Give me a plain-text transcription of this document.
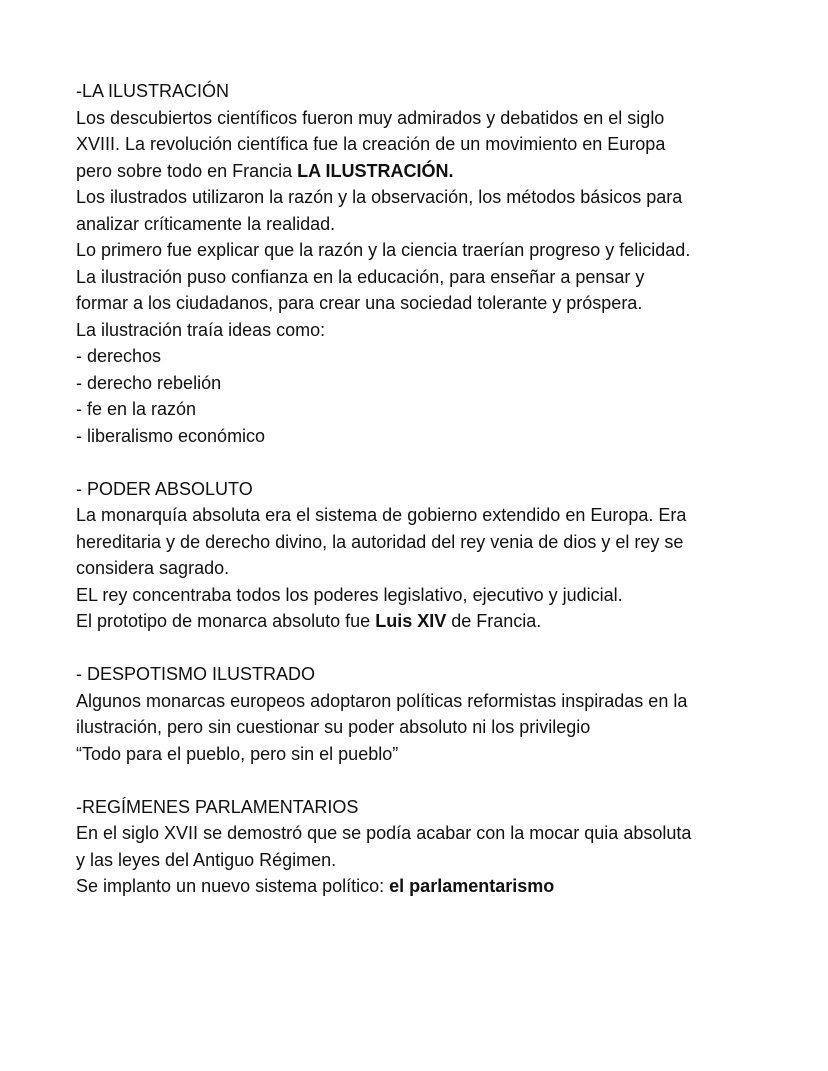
-LA ILUSTRACIÓN
Los descubiertos científicos fueron muy admirados y debatidos en el siglo
XVIII. La revolución científica fue la creación de un movimiento en Europa
pero sobre todo en Francia LA ILUSTRACIÓN.
Los ilustrados utilizaron la razón y la observación, los métodos básicos para
analizar críticamente la realidad.
Lo primero fue explicar que la razón y la ciencia traerían progreso y felicidad.
La ilustración puso confianza en la educación, para enseñar a pensar y
formar a los ciudadanos, para crear una sociedad tolerante y próspera.
La ilustración traía ideas como:
- derechos
- derecho rebelión
- fe en la razón
- liberalismo económico
- PODER ABSOLUTO
La monarquía absoluta era el sistema de gobierno extendido en Europa. Era
hereditaria y de derecho divino, la autoridad del rey venia de dios y el rey se
considera sagrado.
EL rey concentraba todos los poderes legislativo, ejecutivo y judicial.
El prototipo de monarca absoluto fue Luis XIV de Francia.
- DESPOTISMO ILUSTRADO
Algunos monarcas europeos adoptaron políticas reformistas inspiradas en la
ilustración, pero sin cuestionar su poder absoluto ni los privilegio
“Todo para el pueblo, pero sin el pueblo”
-REGÍMENES PARLAMENTARIOS
En el siglo XVII se demostró que se podía acabar con la mocar quia absoluta
y las leyes del Antiguo Régimen.
Se implanto un nuevo sistema político: el parlamentarismo
